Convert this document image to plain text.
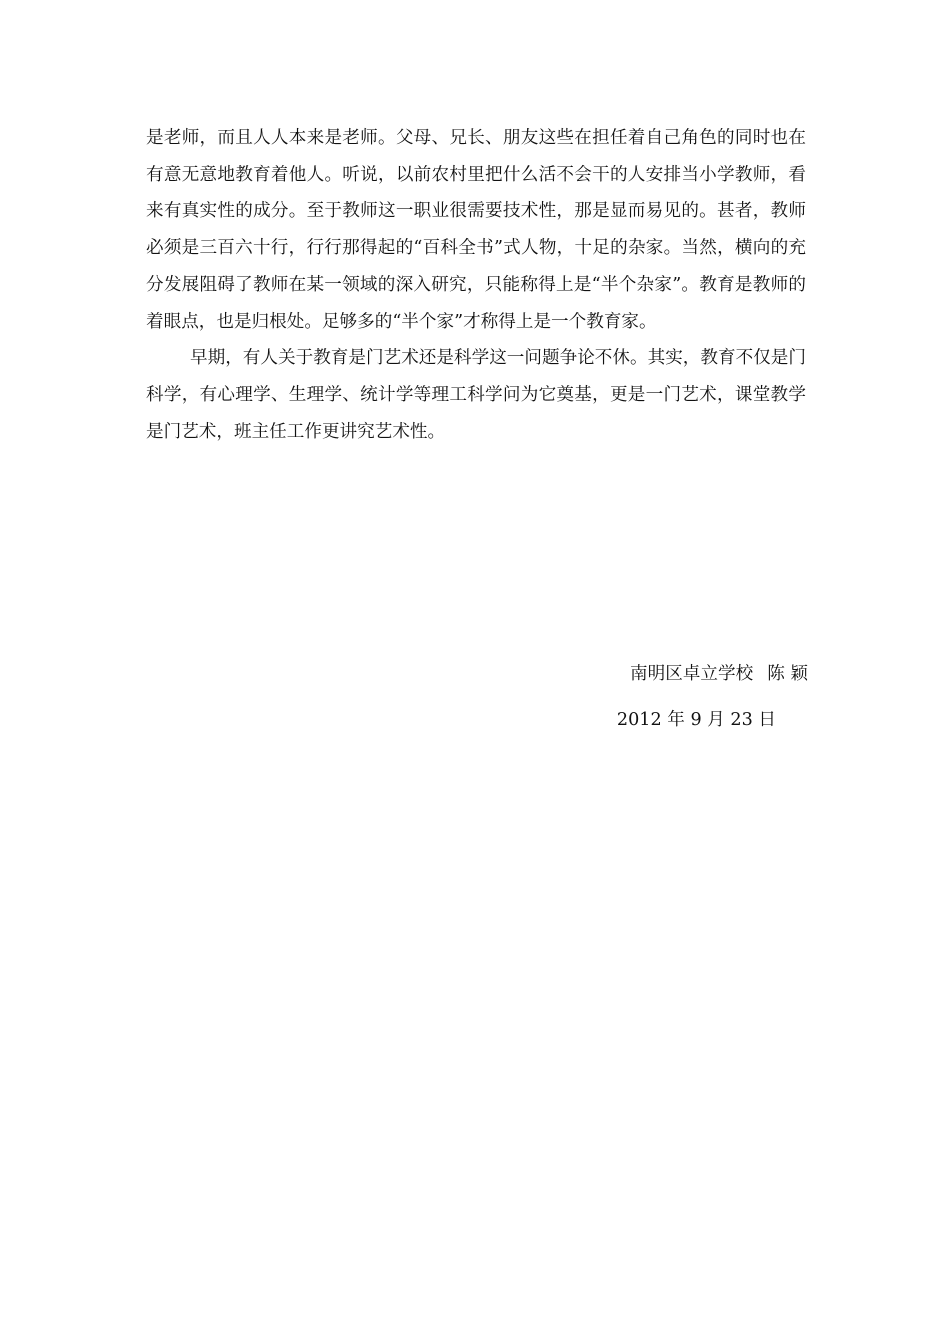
是老师，而且人人本来是老师。父母、兄长、朋友这些在担任着自己角色的同时也在有意无意地教育着他人。听说，以前农村里把什么活不会干的人安排当小学教师，看来有真实性的成分。至于教师这一职业很需要技术性，那是显而易见的。甚者，教师必须是三百六十行，行行那得起的“百科全书”式人物，十足的杂家。当然，横向的充分发展阻碍了教师在某一领域的深入研究，只能称得上是“半个杂家”。教育是教师的着眼点，也是归根处。足够多的“半个家”才称得上是一个教育家。

早期，有人关于教育是门艺术还是科学这一问题争论不休。其实，教育不仅是门科学，有心理学、生理学、统计学等理工科学问为它奠基，更是一门艺术，课堂教学是门艺术，班主任工作更讲究艺术性。

南明区卓立学校 陈 颖
2012 年 9 月 23 日
